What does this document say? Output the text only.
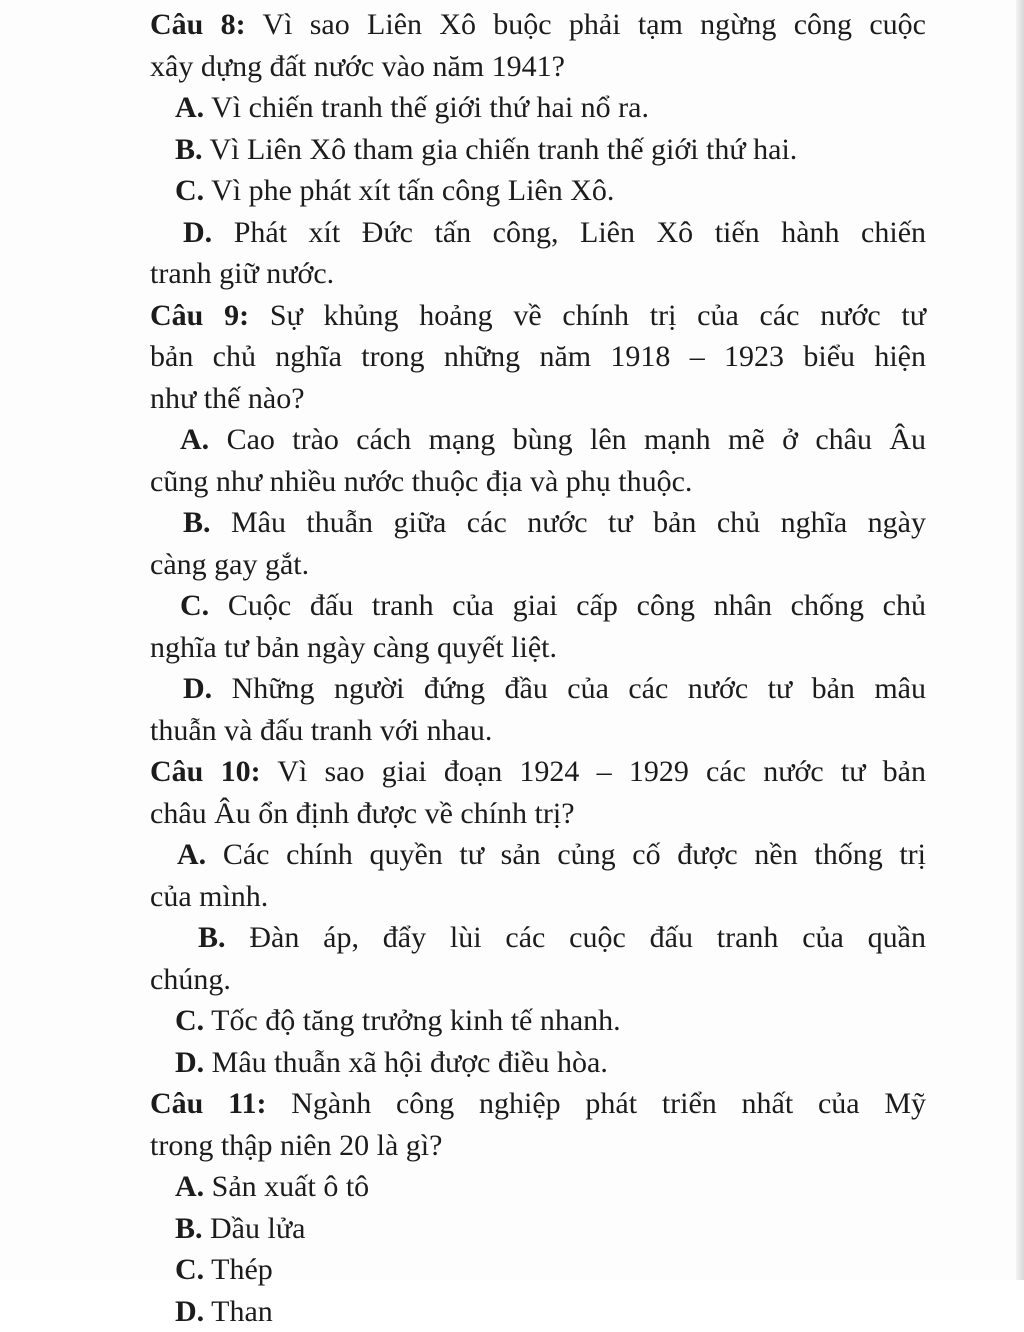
Câu 8: Vì sao Liên Xô buộc phải tạm ngừng công cuộc
xây dựng đất nước vào năm 1941?
A. Vì chiến tranh thế giới thứ hai nổ ra.
B. Vì Liên Xô tham gia chiến tranh thế giới thứ hai.
C. Vì phe phát xít tấn công Liên Xô.
D. Phát xít Đức tấn công, Liên Xô tiến hành chiến
tranh giữ nước.
Câu 9: Sự khủng hoảng về chính trị của các nước tư
bản chủ nghĩa trong những năm 1918 – 1923 biểu hiện
như thế nào?
A. Cao trào cách mạng bùng lên mạnh mẽ ở châu Âu
cũng như nhiều nước thuộc địa và phụ thuộc.
B. Mâu thuẫn giữa các nước tư bản chủ nghĩa ngày
càng gay gắt.
C. Cuộc đấu tranh của giai cấp công nhân chống chủ
nghĩa tư bản ngày càng quyết liệt.
D. Những người đứng đầu của các nước tư bản mâu
thuẫn và đấu tranh với nhau.
Câu 10: Vì sao giai đoạn 1924 – 1929 các nước tư bản
châu Âu ổn định được về chính trị?
A. Các chính quyền tư sản củng cố được nền thống trị
của mình.
B. Đàn áp, đẩy lùi các cuộc đấu tranh của quần
chúng.
C. Tốc độ tăng trưởng kinh tế nhanh.
D. Mâu thuẫn xã hội được điều hòa.
Câu 11: Ngành công nghiệp phát triển nhất của Mỹ
trong thập niên 20 là gì?
A. Sản xuất ô tô
B. Dầu lửa
C. Thép
D. Than
